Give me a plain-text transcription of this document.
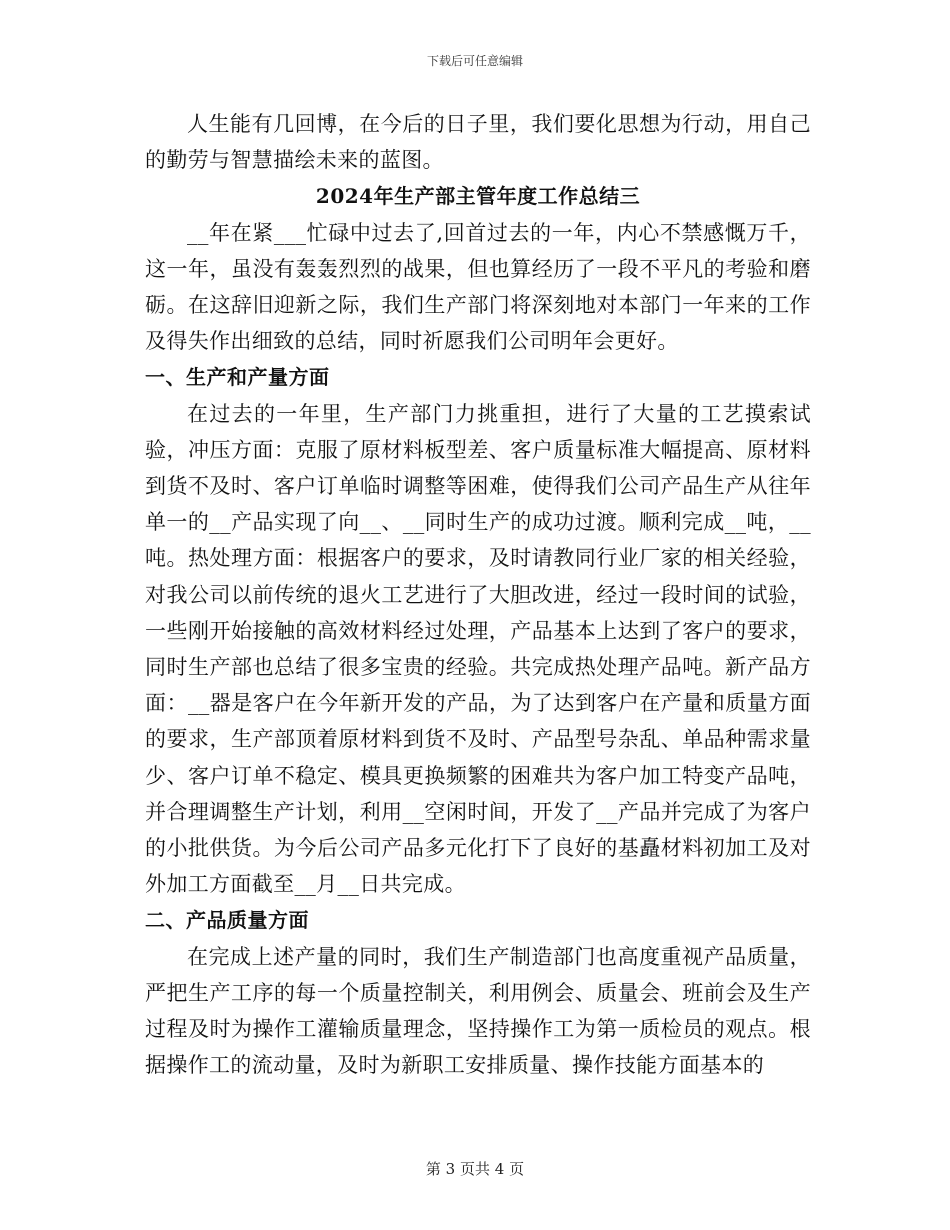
下载后可任意编辑

人生能有几回博，在今后的日子里，我们要化思想为行动，用自己的勤劳与智慧描绘未来的蓝图。

2024年生产部主管年度工作总结三

__年在紧___忙碌中过去了,回首过去的一年，内心不禁感慨万千，这一年，虽没有轰轰烈烈的战果，但也算经历了一段不平凡的考验和磨砺。在这辞旧迎新之际，我们生产部门将深刻地对本部门一年来的工作及得失作出细致的总结，同时祈愿我们公司明年会更好。

一、生产和产量方面

在过去的一年里，生产部门力挑重担，进行了大量的工艺摸索试验，冲压方面：克服了原材料板型差、客户质量标准大幅提高、原材料到货不及时、客户订单临时调整等困难，使得我们公司产品生产从往年单一的__产品实现了向__、__同时生产的成功过渡。顺利完成__吨，__吨。热处理方面：根据客户的要求，及时请教同行业厂家的相关经验，对我公司以前传统的退火工艺进行了大胆改进，经过一段时间的试验，一些刚开始接触的高效材料经过处理，产品基本上达到了客户的要求，同时生产部也总结了很多宝贵的经验。共完成热处理产品吨。新产品方面：__器是客户在今年新开发的产品，为了达到客户在产量和质量方面的要求，生产部顶着原材料到货不及时、产品型号杂乱、单品种需求量少、客户订单不稳定、模具更换频繁的困难共为客户加工特变产品吨，并合理调整生产计划，利用__空闲时间，开发了__产品并完成了为客户的小批供货。为今后公司产品多元化打下了良好的基矗材料初加工及对外加工方面截至__月__日共完成。

二、产品质量方面

在完成上述产量的同时，我们生产制造部门也高度重视产品质量，严把生产工序的每一个质量控制关，利用例会、质量会、班前会及生产过程及时为操作工灌输质量理念，坚持操作工为第一质检员的观点。根据操作工的流动量，及时为新职工安排质量、操作技能方面基本的

第 3 页共 4 页
